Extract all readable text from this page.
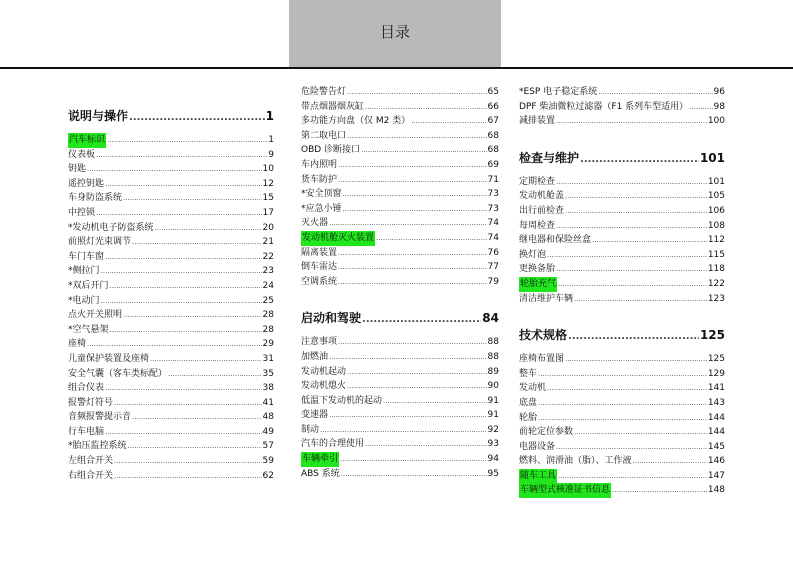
目录
说明与操作 .....	1
汽车标识 .....	1
仪表板 .....	9
钥匙 .....	10
遥控钥匙 .....	12
车身防盗系统 .....	15
中控锁 .....	17
*发动机电子防盗系统 .....	20
前照灯光束调节 .....	21
车门车窗 .....	22
*侧拉门 .....	23
*双后开门 .....	24
*电动门 .....	25
点火开关照明 .....	28
*空气悬架 .....	28
座椅 .....	29
儿童保护装置及座椅 .....	31
安全气囊（客车类标配） .....	35
组合仪表 .....	38
报警灯符号 .....	41
音频报警提示音 .....	48
行车电脑 .....	49
*胎压监控系统 .....	57
左组合开关 .....	59
右组合开关 .....	62
危险警告灯 .....	65
带点烟器烟灰缸 .....	66
多功能方向盘（仅 M2 类） .....	67
第二取电口 .....	68
OBD 诊断接口 .....	68
车内照明 .....	69
货车防护 .....	71
*安全顶窗 .....	73
*应急小锤 .....	73
灭火器 .....	74
发动机舱灭火装置 .....	74
隔离装置 .....	76
倒车雷达 .....	77
空调系统 .....	79
启动和驾驶 .....	84
注意事项 .....	88
加燃油 .....	88
发动机起动 .....	89
发动机熄火 .....	90
低温下发动机的起动 .....	91
变速器 .....	91
制动 .....	92
汽车的合理使用 .....	93
车辆牵引 .....	94
ABS 系统 .....	95
*ESP 电子稳定系统 .....	96
DPF 柴油微粒过滤器（F1 系列车型适用） .....	98
减排装置 .....	100
检查与维护 .....	101
定期检查 .....	101
发动机舱盖 .....	105
出行前检查 .....	106
每周检查 .....	108
继电器和保险丝盒 .....	112
换灯泡 .....	115
更换备胎 .....	118
轮胎充气 .....	122
清洁维护车辆 .....	123
技术规格 .....	125
座椅布置图 .....	125
整车 .....	129
发动机 .....	141
底盘 .....	143
轮胎 .....	144
前轮定位参数 .....	144
电器设备 .....	145
燃料、润滑油（脂）、工作液 .....	146
随车工具 .....	147
车辆型式核准证书信息 .....	148
